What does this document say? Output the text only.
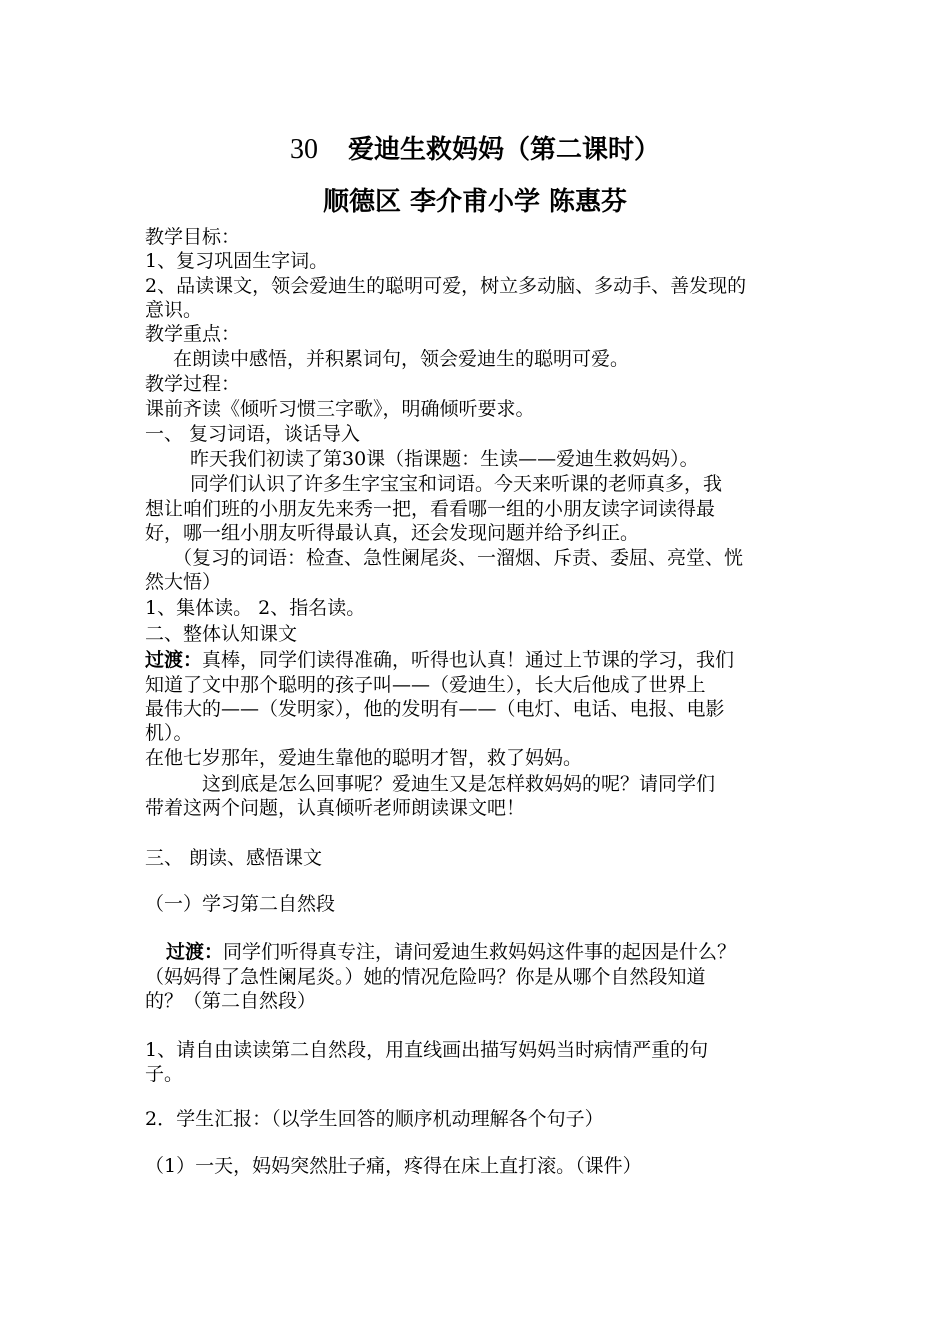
30 爱迪生救妈妈（第二课时）
顺德区 李介甫小学 陈惠芬
教学目标：
1、复习巩固生字词。
2、品读课文，领会爱迪生的聪明可爱，树立多动脑、多动手、善发现的
意识。
教学重点：
在朗读中感悟，并积累词句，领会爱迪生的聪明可爱。
教学过程：
课前齐读《倾听习惯三字歌》，明确倾听要求。
一、 复习词语，谈话导入
昨天我们初读了第30课（指课题：生读——爱迪生救妈妈）。
同学们认识了许多生字宝宝和词语。今天来听课的老师真多，我
想让咱们班的小朋友先来秀一把，看看哪一组的小朋友读字词读得最
好，哪一组小朋友听得最认真，还会发现问题并给予纠正。
（复习的词语：检查、急性阑尾炎、一溜烟、斥责、委屈、亮堂、恍
然大悟）
1、集体读。 2、指名读。
二、整体认知课文
过渡：真棒，同学们读得准确，听得也认真！通过上节课的学习，我们
知道了文中那个聪明的孩子叫——（爱迪生），长大后他成了世界上
最伟大的——（发明家），他的发明有——（电灯、电话、电报、电影
机）。
在他七岁那年，爱迪生靠他的聪明才智，救了妈妈。
这到底是怎么回事呢？爱迪生又是怎样救妈妈的呢？请同学们
带着这两个问题，认真倾听老师朗读课文吧！
三、 朗读、感悟课文
（一）学习第二自然段
过渡：同学们听得真专注，请问爱迪生救妈妈这件事的起因是什么？
（妈妈得了急性阑尾炎。）她的情况危险吗？你是从哪个自然段知道
的？（第二自然段）
1、请自由读读第二自然段，用直线画出描写妈妈当时病情严重的句
子。
2．学生汇报：（以学生回答的顺序机动理解各个句子）
（1）一天，妈妈突然肚子痛，疼得在床上直打滚。（课件）
